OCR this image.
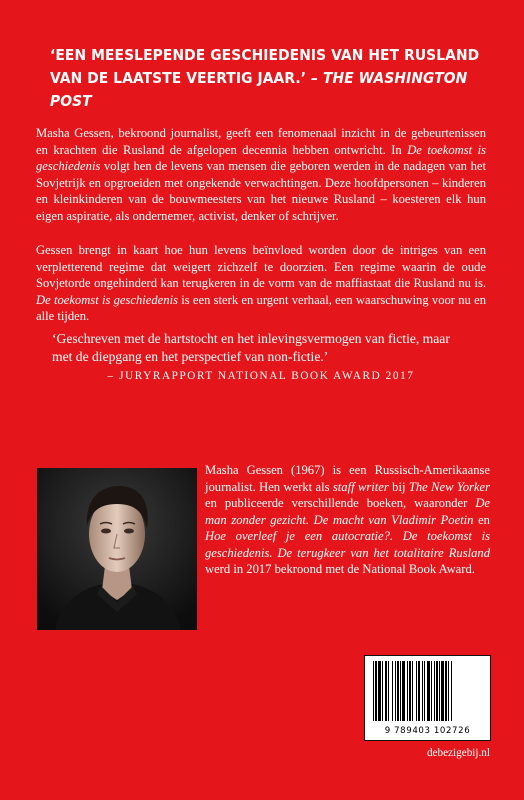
‘EEN MEESLEPENDE GESCHIEDENIS VAN HET RUSLAND VAN DE LAATSTE VEERTIG JAAR.’ – THE WASHINGTON POST

Masha Gessen, bekroond journalist, geeft een fenomenaal inzicht in de gebeurtenissen en krachten die Rusland de afgelopen decennia hebben ontwricht. In De toekomst is geschiedenis volgt hen de levens van mensen die geboren werden in de nadagen van het Sovjetrijk en opgroeiden met ongekende verwachtingen. Deze hoofdpersonen – kinderen en kleinkinderen van de bouwmeesters van het nieuwe Rusland – koesteren elk hun eigen aspiratie, als ondernemer, activist, denker of schrijver.

Gessen brengt in kaart hoe hun levens beïnvloed worden door de intriges van een verpletterend regime dat weigert zichzelf te doorzien. Een regime waarin de oude Sovjetorde ongehinderd kan terugkeren in de vorm van de maffiastaat die Rusland nu is. De toekomst is geschiedenis is een sterk en urgent verhaal, een waarschuwing voor nu en alle tijden.

‘Geschreven met de hartstocht en het inlevingsvermogen van fictie, maar met de diepgang en het perspectief van non-fictie.’
– JURYRAPPORT NATIONAL BOOK AWARD 2017

Masha Gessen (1967) is een Russisch-Amerikaanse journalist. Hen werkt als staff writer bij The New Yorker en publiceerde verschillende boeken, waaronder De man zonder gezicht. De macht van Vladimir Poetin en Hoe overleef je een autocratie?. De toekomst is geschiedenis. De terugkeer van het totalitaire Rusland werd in 2017 bekroond met de National Book Award.

9 789403 102726
debezigebij.nl
